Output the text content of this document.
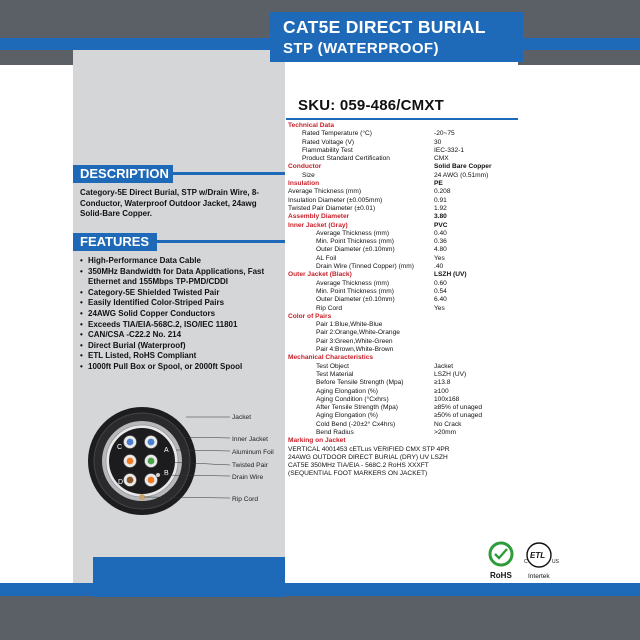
CAT5E DIRECT BURIAL
STP (WATERPROOF)
SKU: 059-486/CMXT
DESCRIPTION
Category-5E Direct Burial, STP w/Drain Wire, 8-Conductor, Waterproof Outdoor Jacket, 24awg Solid-Bare Copper.
FEATURES
• High-Performance Data Cable
• 350MHz Bandwidth for Data Applications, Fast Ethernet and 155Mbps TP-PMD/CDDI
• Category-5E Shielded Twisted Pair
• Easily Identified Color-Striped Pairs
• 24AWG Solid Copper Conductors
• Exceeds TIA/EIA-568C.2, ISO/IEC 11801
• CAN/CSA -C22.2 No. 214
• Direct Burial (Waterproof)
• ETL Listed, RoHS Compliant
• 1000ft Pull Box or Spool, or 2000ft Spool
C	A
B
D
Jacket
Inner Jacket
Aluminum Foil
Twisted Pair
Drain Wire
Rip Cord
Technical Data
Rated Temperature (°C)	-20~75
Rated Voltage (V)	30
Flammability Test	IEC-332-1
Product Standard Certification	CMX
Conductor	Solid Bare Copper
Size	24 AWG (0.51mm)
Insulation	PE
Average Thickness (mm)	0.208
Insulation Diameter (±0.005mm)	0.91
Twisted Pair Diameter (±0.01)	1.92
Assembly Diameter	3.80
Inner Jacket (Gray)	PVC
Average Thickness (mm)	0.40
Min. Point Thickness (mm)	0.36
Outer Diameter (±0.10mm)	4.80
AL Foil	Yes
Drain Wire (Tinned Copper) (mm)	.40
Outer Jacket (Black)	LSZH (UV)
Average Thickness (mm)	0.60
Min. Point Thickness (mm)	0.54
Outer Diameter (±0.10mm)	6.40
Rip Cord	Yes
Color of Pairs
Pair 1:Blue,White-Blue
Pair 2:Orange,White-Orange
Pair 3:Green,White-Green
Pair 4:Brown,White-Brown
Mechanical Characteristics
Test Object	Jacket
Test Material	LSZH (UV)
Before Tensile Strength (Mpa)	≥13.8
Aging Elongation (%)	≥100
Aging Condition (°Cxhrs)	100x168
After Tensile Strength (Mpa)	≥85% of unaged
Aging Elongation (%)	≥50% of unaged
Cold Bend (-20±2° Cx4hrs)	No Crack
Bend Radius	>20mm
Marking on Jacket
VERTICAL 4001453 cETLus VERIFIED CMX STP 4PR
24AWG OUTDOOR DIRECT BURIAL (DRY) UV LSZH
CAT5E 350MHz TIA/EIA - 568C.2 RoHS XXXFT
(SEQUENTIAL FOOT MARKERS ON JACKET)
RoHS
ETL
C	US
Intertek
